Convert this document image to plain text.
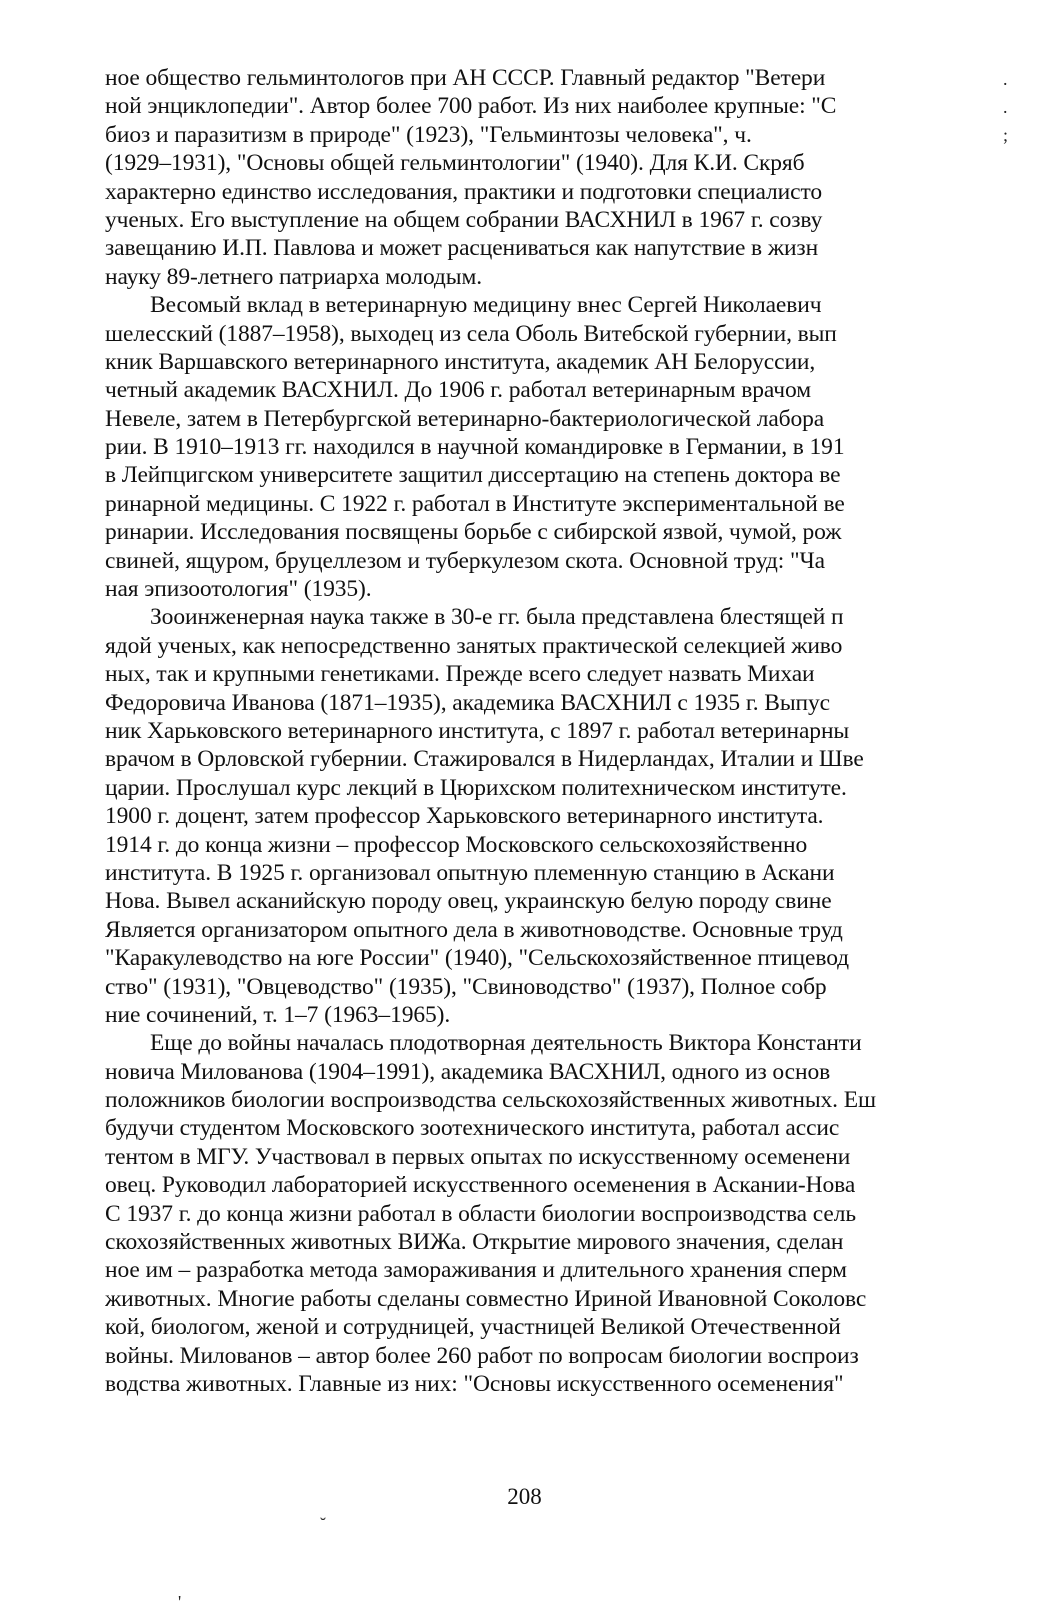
ное общество гельминтологов при АН СССР. Главный редактор "Ветери
ной энциклопедии". Автор более 700 работ. Из них наиболее крупные: "С
биоз и паразитизм в природе" (1923), "Гельминтозы человека", ч.
(1929–1931), "Основы общей гельминтологии" (1940). Для К.И. Скряб
характерно единство исследования, практики и подготовки специалисто
ученых. Его выступление на общем собрании ВАСХНИЛ в 1967 г. созву
завещанию И.П. Павлова и может расцениваться как напутствие в жизн
науку 89-летнего патриарха молодым.
Весомый вклад в ветеринарную медицину внес Сергей Николаевич
шелесский (1887–1958), выходец из села Оболь Витебской губернии, вып
кник Варшавского ветеринарного института, академик АН Белоруссии,
четный академик ВАСХНИЛ. До 1906 г. работал ветеринарным врачом
Невеле, затем в Петербургской ветеринарно-бактериологической лабора
рии. В 1910–1913 гг. находился в научной командировке в Германии, в 191
в Лейпцигском университете защитил диссертацию на степень доктора ве
ринарной медицины. С 1922 г. работал в Институте экспериментальной ве
ринарии. Исследования посвящены борьбе с сибирской язвой, чумой, рож
свиней, ящуром, бруцеллезом и туберкулезом скота. Основной труд: "Ча
ная эпизоотология" (1935).
Зооинженерная наука также в 30-е гг. была представлена блестящей п
ядой ученых, как непосредственно занятых практической селекцией живо
ных, так и крупными генетиками. Прежде всего следует назвать Михаи
Федоровича Иванова (1871–1935), академика ВАСХНИЛ с 1935 г. Выпус
ник Харьковского ветеринарного института, с 1897 г. работал ветеринарны
врачом в Орловской губернии. Стажировался в Нидерландах, Италии и Шве
царии. Прослушал курс лекций в Цюрихском политехническом институте.
1900 г. доцент, затем профессор Харьковского ветеринарного института.
1914 г. до конца жизни – профессор Московского сельскохозяйственно
института. В 1925 г. организовал опытную племенную станцию в Аскани
Нова. Вывел асканийскую породу овец, украинскую белую породу свине
Является организатором опытного дела в животноводстве. Основные труд
"Каракулеводство на юге России" (1940), "Сельскохозяйственное птицевод
ство" (1931), "Овцеводство" (1935), "Свиноводство" (1937), Полное собр
ние сочинений, т. 1–7 (1963–1965).
Еще до войны началась плодотворная деятельность Виктора Константи
новича Милованова (1904–1991), академика ВАСХНИЛ, одного из основ
положников биологии воспроизводства сельскохозяйственных животных. Еш
будучи студентом Московского зоотехнического института, работал ассис
тентом в МГУ. Участвовал в первых опытах по искусственному осеменени
овец. Руководил лабораторией искусственного осеменения в Аскании-Нова
С 1937 г. до конца жизни работал в области биологии воспроизводства сель
скохозяйственных животных ВИЖа. Открытие мирового значения, сделан
ное им – разработка метода замораживания и длительного хранения сперм
животных. Многие работы сделаны совместно Ириной Ивановной Соколовс
кой, биологом, женой и сотрудницей, участницей Великой Отечественной
войны. Милованов – автор более 260 работ по вопросам биологии воспроиз
водства животных. Главные из них: "Основы искусственного осеменения"
208
.
.
;
˘
'
